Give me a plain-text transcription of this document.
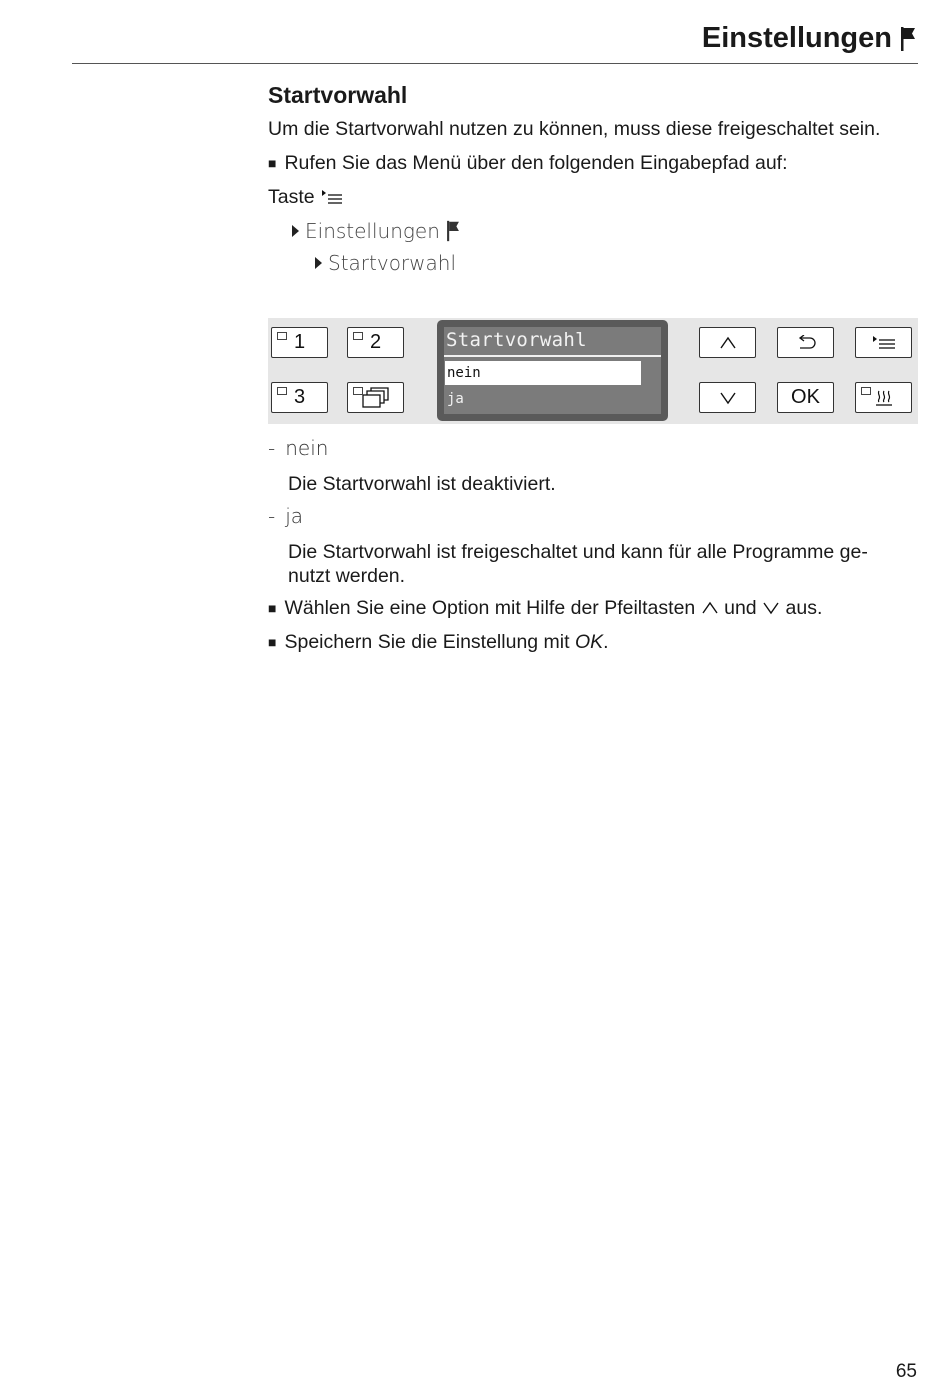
Einstellungen
Startvorwahl

Um die Startvorwahl nutzen zu können, muss diese freigeschaltet sein.

■ Rufen Sie das Menü über den folgenden Eingabepfad auf:
Taste
Einstellungen
Startvorwahl
1	2
3
Startvorwahl
nein
ja	OK
- nein

Die Startvorwahl ist deaktiviert.

- ja

Die Startvorwahl ist freigeschaltet und kann für alle Programme ge-
nutzt werden.

■ Wählen Sie eine Option mit Hilfe der Pfeiltasten und aus.
■ Speichern Sie die Einstellung mit OK.
65
